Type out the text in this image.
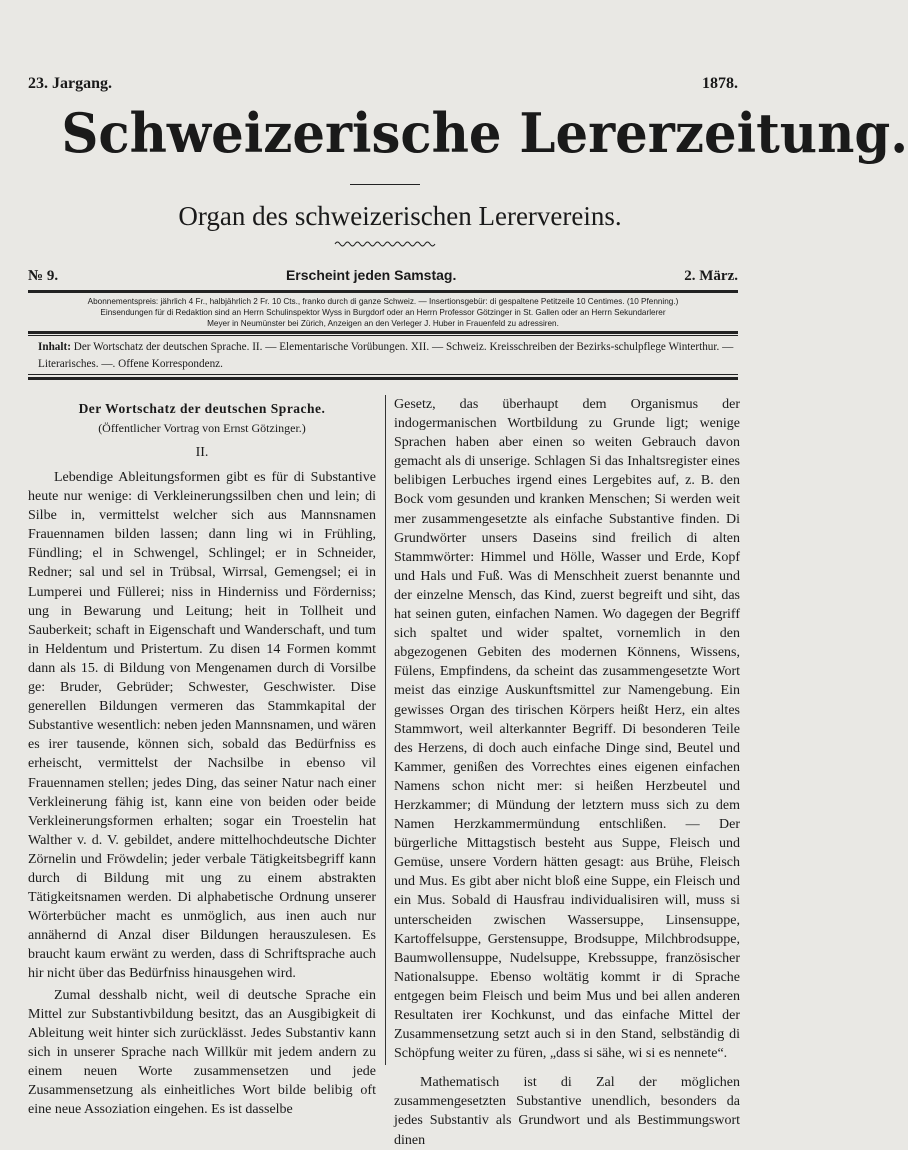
23. Jargang.	1878.
Schweizerische Lererzeitung.
Organ des schweizerischen Lerervereins.
№ 9.	Erscheint jeden Samstag.	2. März.
Abonnementspreis: jährlich 4 Fr., halbjährlich 2 Fr. 10 Cts., franko durch di ganze Schweiz. — Insertionsgebür: di gespaltene Petitzeile 10 Centimes. (10 Pfenning.)
Einsendungen für di Redaktion sind an Herrn Schulinspektor Wyss in Burgdorf oder an Herrn Professor Götzinger in St. Gallen oder an Herrn Sekundarlerer
Meyer in Neumünster bei Zürich, Anzeigen an den Verleger J. Huber in Frauenfeld zu adressiren.
Inhalt: Der Wortschatz der deutschen Sprache. II. — Elementarische Vorübungen. XII. — Schweiz. Kreisschreiben der Bezirks-schulpflege Winterthur. — Literarisches. —. Offene Korrespondenz.
Der Wortschatz der deutschen Sprache.
(Öffentlicher Vortrag von Ernst Götzinger.)
II.

Lebendige Ableitungsformen gibt es für di Substantive heute nur wenige: di Verkleinerungssilben chen und lein; di Silbe in, vermittelst welcher sich aus Mannsnamen Frauennamen bilden lassen; dann ling wi in Frühling, Fündling; el in Schwengel, Schlingel; er in Schneider, Redner; sal und sel in Trübsal, Wirrsal, Gemengsel; ei in Lumperei und Füllerei; niss in Hinderniss und Förderniss; ung in Bewarung und Leitung; heit in Tollheit und Sauberkeit; schaft in Eigenschaft und Wanderschaft, und tum in Heldentum und Pristertum. Zu disen 14 Formen kommt dann als 15. di Bildung von Mengenamen durch di Vorsilbe ge: Bruder, Gebrüder; Schwester, Geschwister. Dise generellen Bildungen vermeren das Stammkapital der Substantive wesentlich: neben jeden Mannsnamen, und wären es irer tausende, können sich, sobald das Bedürfniss es erheischt, vermittelst der Nachsilbe in ebenso vil Frauennamen stellen; jedes Ding, das seiner Natur nach einer Verkleinerung fähig ist, kann eine von beiden oder beide Verkleinerungsformen erhalten; sogar ein Troestelin hat Walther v. d. V. gebildet, andere mittelhochdeutsche Dichter Zörnelin und Fröwdelin; jeder verbale Tätigkeitsbegriff kann durch di Bildung mit ung zu einem abstrakten Tätigkeitsnamen werden. Di alphabetische Ordnung unserer Wörterbücher macht es unmöglich, aus inen auch nur annähernd di Anzal diser Bildungen herauszulesen. Es braucht kaum erwänt zu werden, dass di Schriftsprache auch hir nicht über das Bedürfniss hinausgehen wird.

Zumal desshalb nicht, weil di deutsche Sprache ein Mittel zur Substantivbildung besitzt, das an Ausgibigkeit di Ableitung weit hinter sich zurücklässt. Jedes Substantiv kann sich in unserer Sprache nach Willkür mit jedem andern zu einem neuen Worte zusammensetzen und jede Zusammensetzung als einheitliches Wort bilde belibig oft eine neue Assoziation eingehen. Es ist dasselbe

Gesetz, das überhaupt dem Organismus der indogermanischen Wortbildung zu Grunde ligt; wenige Sprachen haben aber einen so weiten Gebrauch davon gemacht als di unserige. Schlagen Si das Inhaltsregister eines belibigen Lerbuches irgend eines Lergebites auf, z. B. den Bock vom gesunden und kranken Menschen; Si werden weit mer zusammengesetzte als einfache Substantive finden. Di Grundwörter unsers Daseins sind freilich di alten Stammwörter: Himmel und Hölle, Wasser und Erde, Kopf und Hals und Fuß. Was di Menschheit zuerst benannte und der einzelne Mensch, das Kind, zuerst begreift und siht, das hat seinen guten, einfachen Namen. Wo dagegen der Begriff sich spaltet und wider spaltet, vornemlich in den abgezogenen Gebiten des modernen Könnens, Wissens, Fülens, Empfindens, da scheint das zusammengesetzte Wort meist das einzige Auskunftsmittel zur Namengebung. Ein gewisses Organ des tirischen Körpers heißt Herz, ein altes Stammwort, weil alterkannter Begriff. Di besonderen Teile des Herzens, di doch auch einfache Dinge sind, Beutel und Kammer, genißen des Vorrechtes eines eigenen einfachen Namens schon nicht mer: si heißen Herzbeutel und Herzkammer; di Mündung der letztern muss sich zu dem Namen Herzkammermündung entschlißen. — Der bürgerliche Mittagstisch besteht aus Suppe, Fleisch und Gemüse, unsere Vordern hätten gesagt: aus Brühe, Fleisch und Mus. Es gibt aber nicht bloß eine Suppe, ein Fleisch und ein Mus. Sobald di Hausfrau individualisiren will, muss si unterscheiden zwischen Wassersuppe, Linsensuppe, Kartoffelsuppe, Gerstensuppe, Brodsuppe, Milchbrodsuppe, Baumwollensuppe, Nudelsuppe, Krebssuppe, französischer Nationalsuppe. Ebenso woltätig kommt ir di Sprache entgegen beim Fleisch und beim Mus und bei allen anderen Resultaten irer Kochkunst, und das einfache Mittel der Zusammensetzung setzt auch si in den Stand, selbständig di Schöpfung weiter zu füren, „dass si sähe, wi si es nennete“.

Mathematisch ist di Zal der möglichen zusammengesetzten Substantive unendlich, besonders da jedes Substantiv als Grundwort und als Bestimmungswort dinen
